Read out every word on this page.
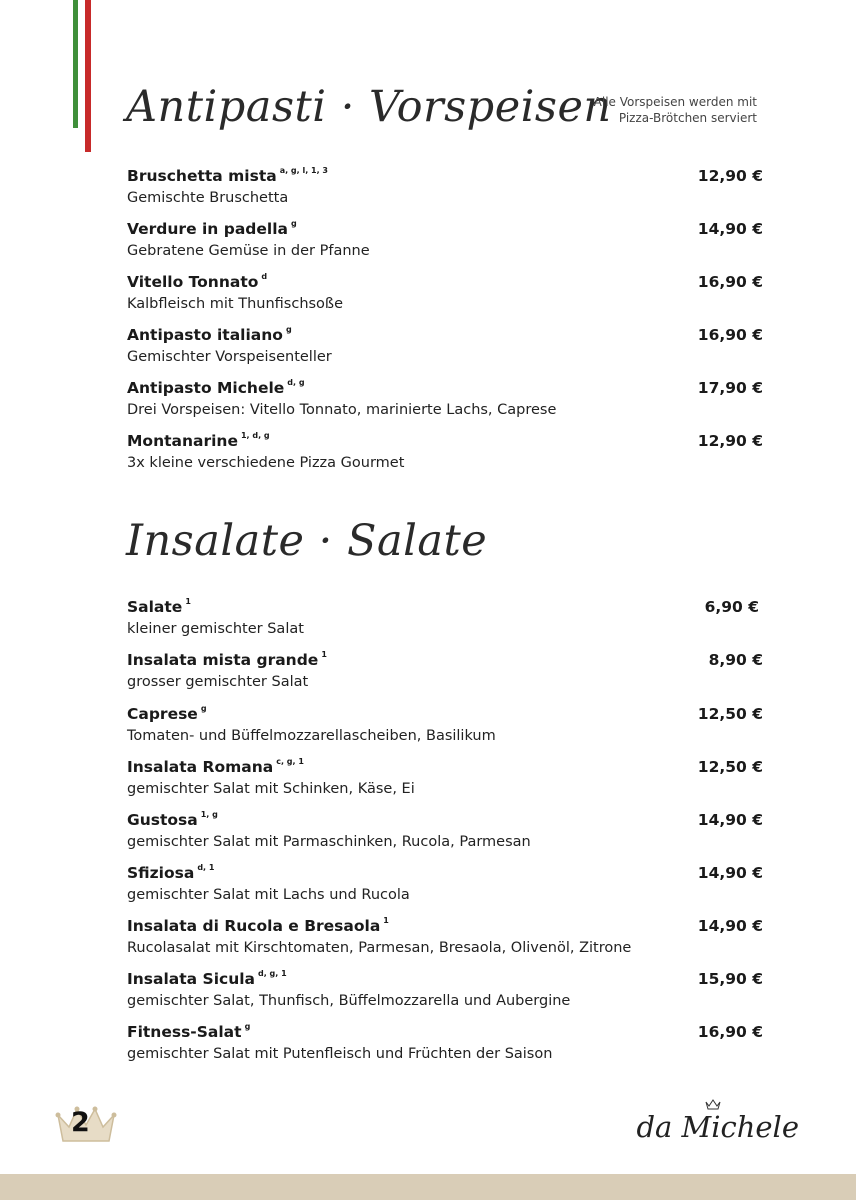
Antipasti · Vorspeisen
Alle Vorspeisen werden mit
Pizza-Brötchen serviert
Bruschetta mista $^{a, g, l, 1, 3}$
Gemischte Bruschetta
12,90 €
Verdure in padella $^g$
Gebratene Gemüse in der Pfanne
14,90 €
Vitello Tonnato $^d$
Kalbfleisch mit Thunfischsoße
16,90 €
Antipasto italiano $^g$
Gemischter Vorspeisenteller
16,90 €
Antipasto Michele $^{d, g}$
Drei Vorspeisen: Vitello Tonnato, marinierte Lachs, Caprese
17,90 €
Montanarine $^{1, d, g}$
3x kleine verschiedene Pizza Gourmet
12,90 €
Insalate · Salate
Salate $^1$
kleiner gemischter Salat
6,90 €
Insalata mista grande $^1$
grosser gemischter Salat
8,90 €
Caprese $^g$
Tomaten- und Büffelmozzarellascheiben, Basilikum
12,50 €
Insalata Romana $^{c, g, 1}$
gemischter Salat mit Schinken, Käse, Ei
12,50 €
Gustosa $^{1, g}$
gemischter Salat mit Parmaschinken, Rucola, Parmesan
14,90 €
Sfiziosa $^{d, 1}$
gemischter Salat mit Lachs und Rucola
14,90 €
Insalata di Rucola e Bresaola $^1$
Rucolasalat mit Kirschtomaten, Parmesan, Bresaola, Olivenöl, Zitrone
14,90 €
Insalata Sicula $^{d, g, 1}$
gemischter Salat, Thunfisch, Büffelmozzarella und Aubergine
15,90 €
Fitness-Salat $^g$
gemischter Salat mit Putenfleisch und Früchten der Saison
16,90 €
2	da Michele
